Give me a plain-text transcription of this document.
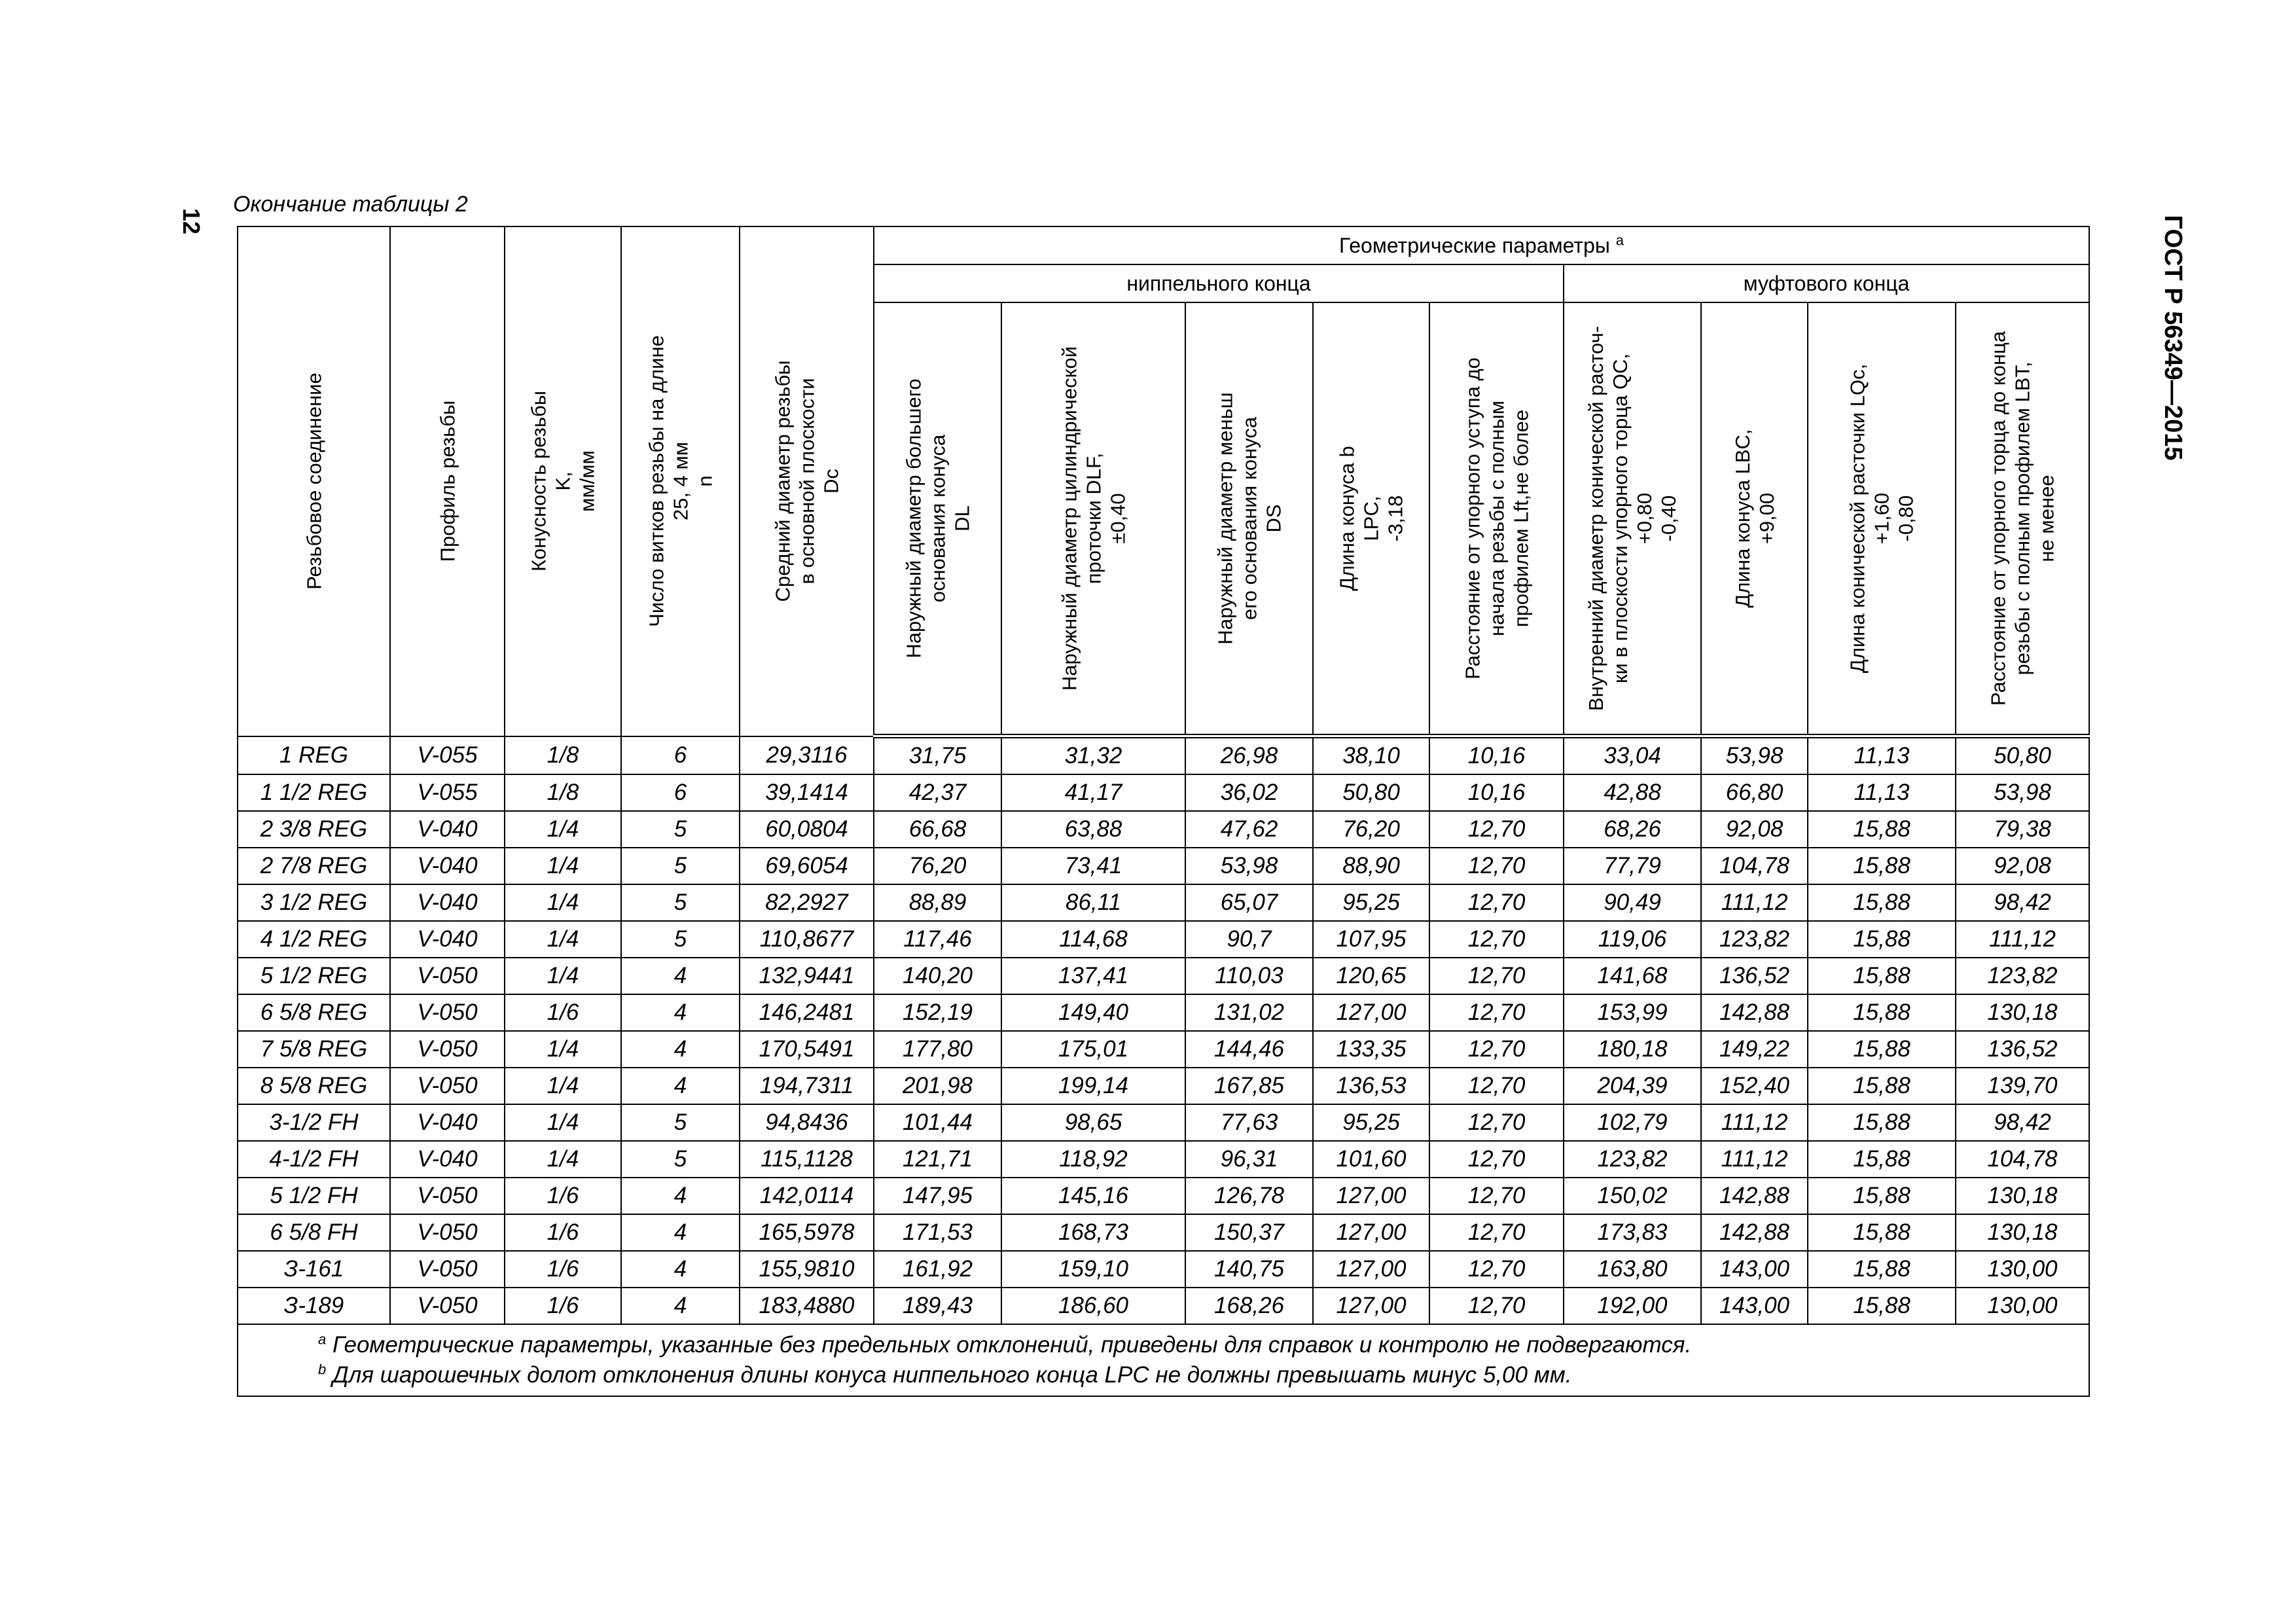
12	ГОСТ Р 56349—2015
Окончание таблицы 2
Резьбовое соединение	Профиль резьбы	Конусность резьбы K, мм/мм	Число витков резьбы на длине 25, 4 мм n	Средний диаметр резьбы в основной плоскости Dc	Геометрические параметры $^a$
					ниппельного конца					муфтового конца			

					Наружный диаметр большего основания конуса DL	Наружный диаметр цилиндрической проточки DLF, ±0,40	Наружный диаметр меньш его основания конуса DS	Длина конуса b LPC, -3,18	Расстояние от упорного уступа до начала резьбы с полным профилем Lft,не более	Внутренний диаметр конической расточ- ки в плоскости упорного торца QC, +0,80 -0,40	Длина конуса LBC, +9,00	Длина конической расточки LQc, +1,60 -0,80	Расстояние от упорного торца до конца резьбы с полным профилем LBT, не менее

1 REG	V-055	1/8	6	29,3116	31,75	31,32	26,98	38,10	10,16	33,04	53,98	11,13	50,80
1 1/2 REG	V-055	1/8	6	39,1414	42,37	41,17	36,02	50,80	10,16	42,88	66,80	11,13	53,98
2 3/8 REG	V-040	1/4	5	60,0804	66,68	63,88	47,62	76,20	12,70	68,26	92,08	15,88	79,38
2 7/8 REG	V-040	1/4	5	69,6054	76,20	73,41	53,98	88,90	12,70	77,79	104,78	15,88	92,08
3 1/2 REG	V-040	1/4	5	82,2927	88,89	86,11	65,07	95,25	12,70	90,49	111,12	15,88	98,42
4 1/2 REG	V-040	1/4	5	110,8677	117,46	114,68	90,7	107,95	12,70	119,06	123,82	15,88	111,12
5 1/2 REG	V-050	1/4	4	132,9441	140,20	137,41	110,03	120,65	12,70	141,68	136,52	15,88	123,82
6 5/8 REG	V-050	1/6	4	146,2481	152,19	149,40	131,02	127,00	12,70	153,99	142,88	15,88	130,18
7 5/8 REG	V-050	1/4	4	170,5491	177,80	175,01	144,46	133,35	12,70	180,18	149,22	15,88	136,52
8 5/8 REG	V-050	1/4	4	194,7311	201,98	199,14	167,85	136,53	12,70	204,39	152,40	15,88	139,70
3-1/2 FH	V-040	1/4	5	94,8436	101,44	98,65	77,63	95,25	12,70	102,79	111,12	15,88	98,42
4-1/2 FH	V-040	1/4	5	115,1128	121,71	118,92	96,31	101,60	12,70	123,82	111,12	15,88	104,78
5 1/2 FH	V-050	1/6	4	142,0114	147,95	145,16	126,78	127,00	12,70	150,02	142,88	15,88	130,18
6 5/8 FH	V-050	1/6	4	165,5978	171,53	168,73	150,37	127,00	12,70	173,83	142,88	15,88	130,18
З-161	V-050	1/6	4	155,9810	161,92	159,10	140,75	127,00	12,70	163,80	143,00	15,88	130,00
З-189	V-050	1/6	4	183,4880	189,43	186,60	168,26	127,00	12,70	192,00	143,00	15,88	130,00

$^a$ Геометрические параметры, указанные без предельных отклонений, приведены для справок и контролю не подвергаются.
$^b$ Для шарошечных долот отклонения длины конуса ниппельного конца LPC не должны превышать минус 5,00 мм.													
